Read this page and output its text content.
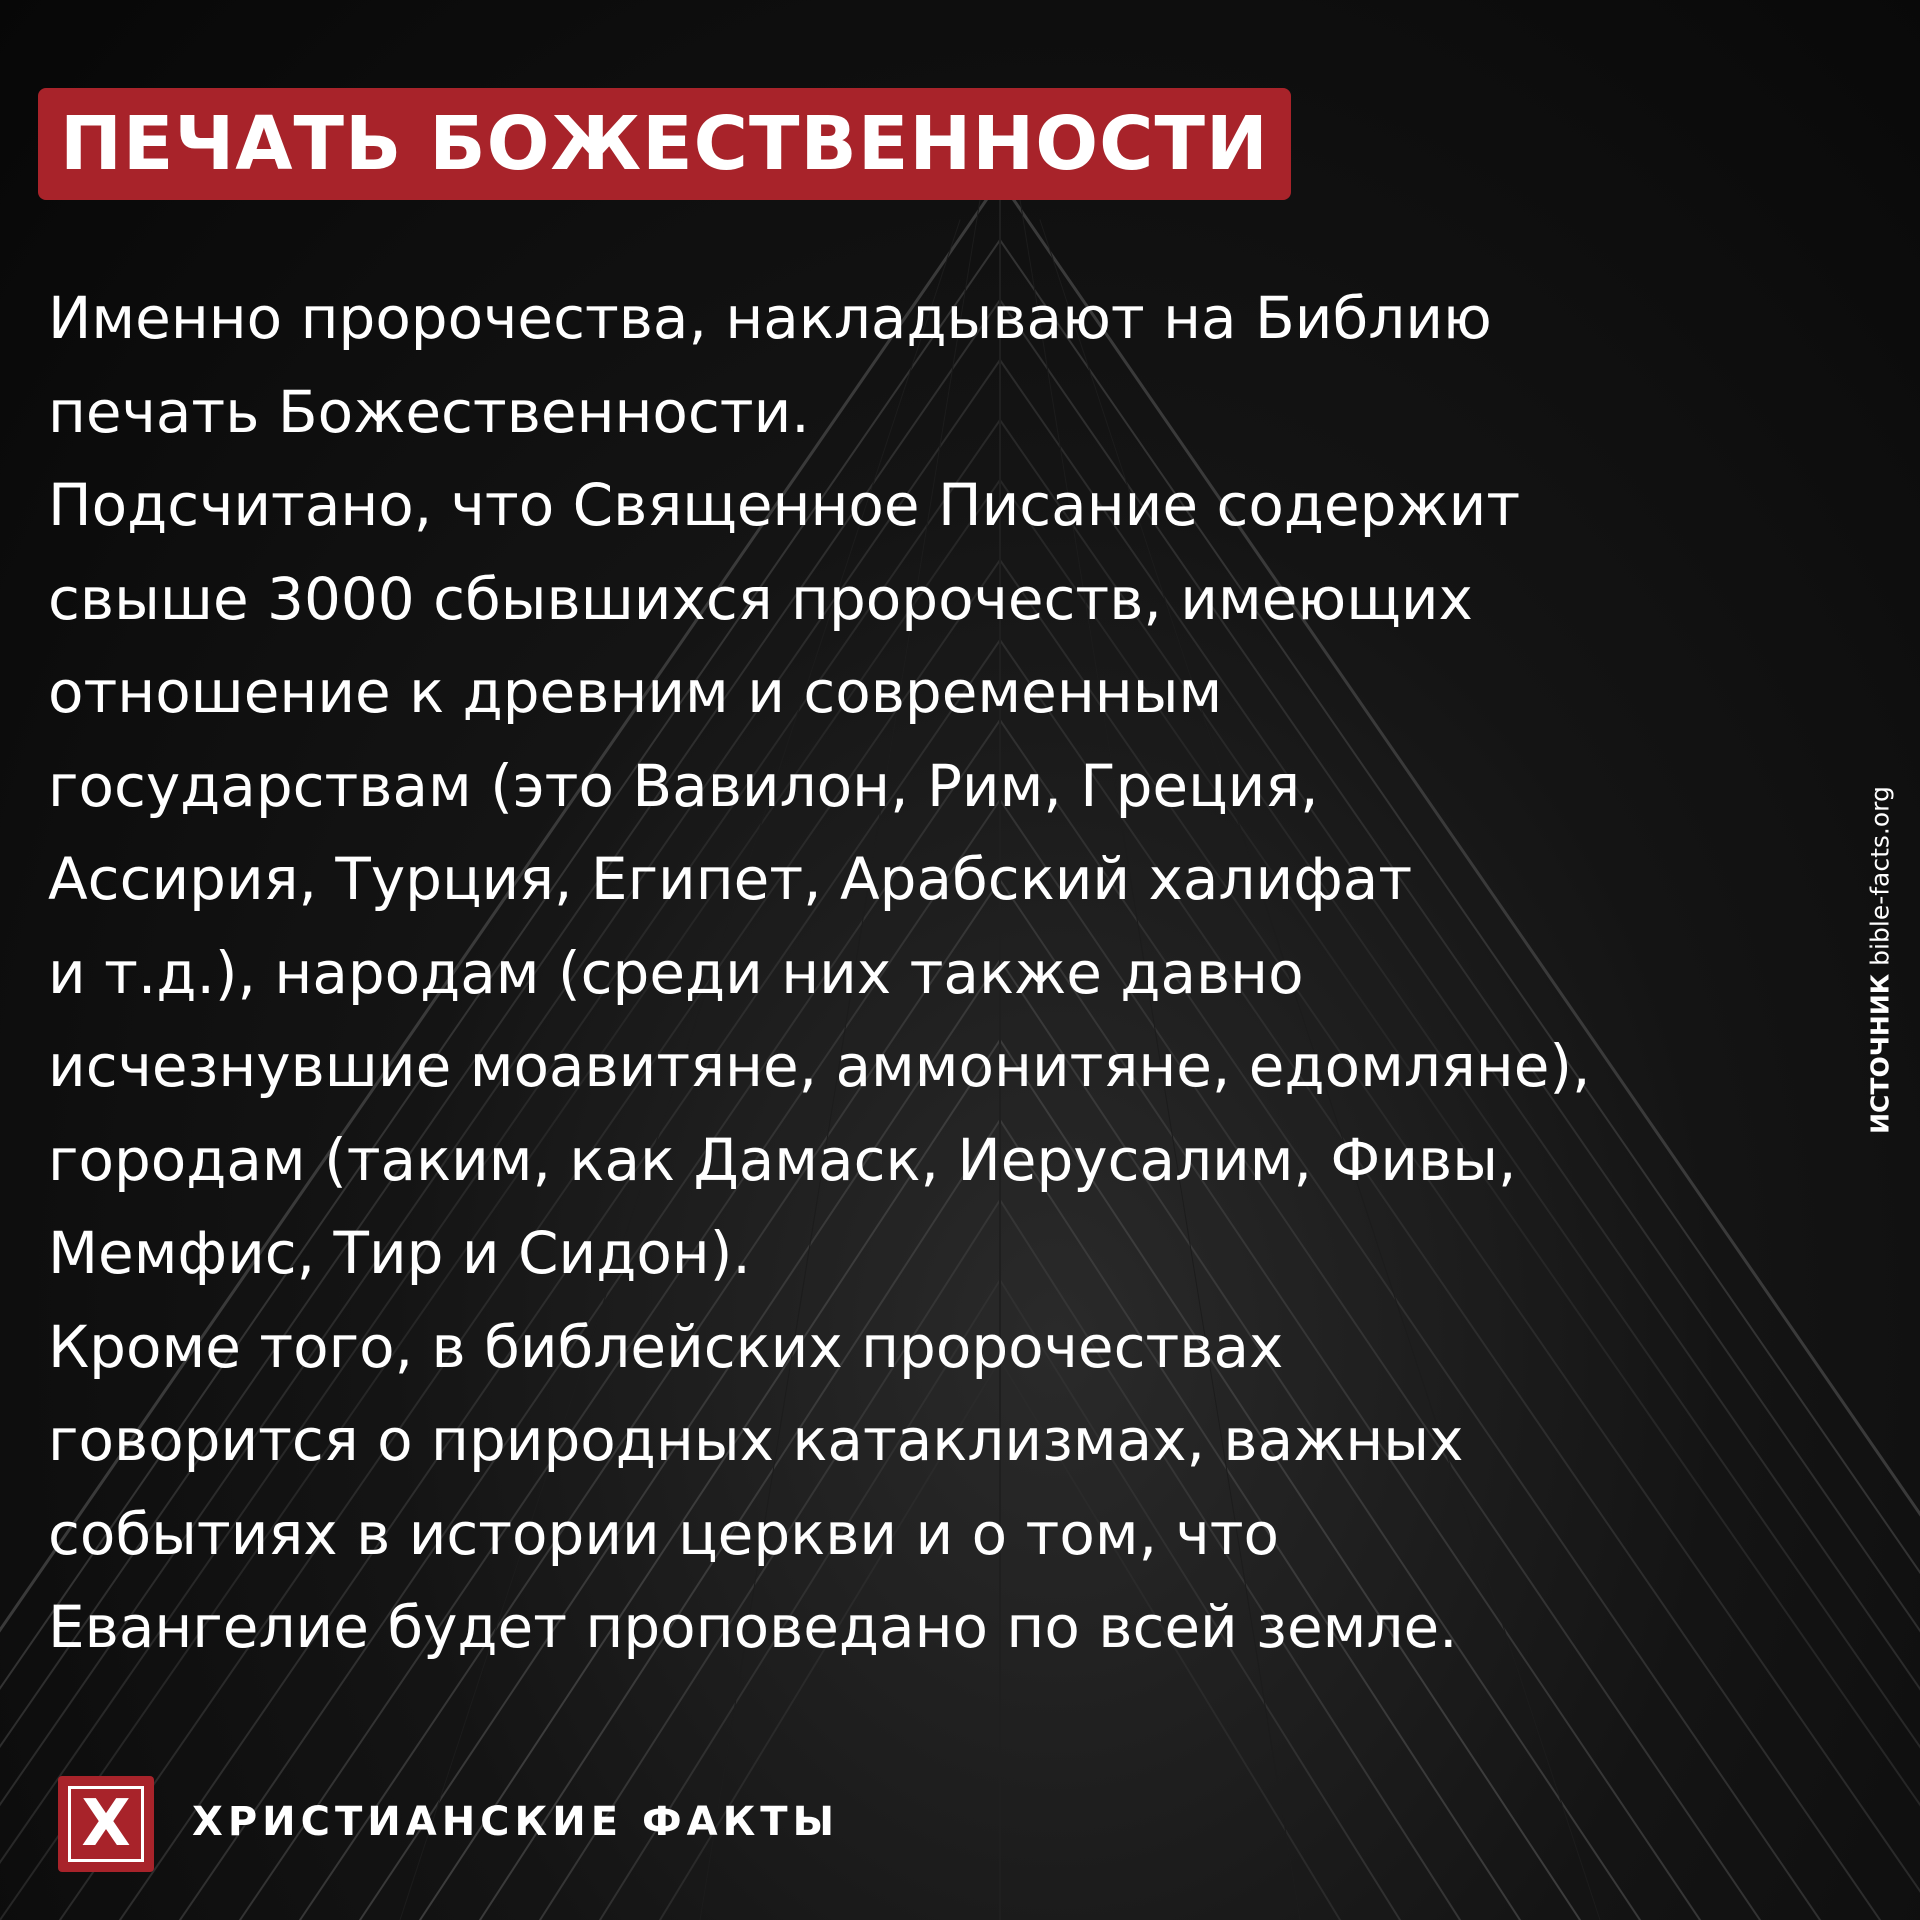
ПЕЧАТЬ БОЖЕСТВЕННОСТИ
Именно пророчества, накладывают на Библию
печать Божественности.
Подсчитано, что Священное Писание содержит
свыше 3000 сбывшихся пророчеств, имеющих
отношение к древним и современным
государствам (это Вавилон, Рим, Греция,
Ассирия, Турция, Египет, Арабский халифат
и т.д.), народам (среди них также давно
исчезнувшие моавитяне, аммонитяне, едомляне),
городам (таким, как Дамаск, Иерусалим, Фивы,
Мемфис, Тир и Сидон).
Кроме того, в библейских пророчествах
говорится о природных катаклизмах, важных
событиях в истории церкви и о том, что
Евангелие будет проповедано по всей земле.
ИСТОЧНИКbible-facts.org
X	ХРИСТИАНСКИЕ ФАКТЫ
